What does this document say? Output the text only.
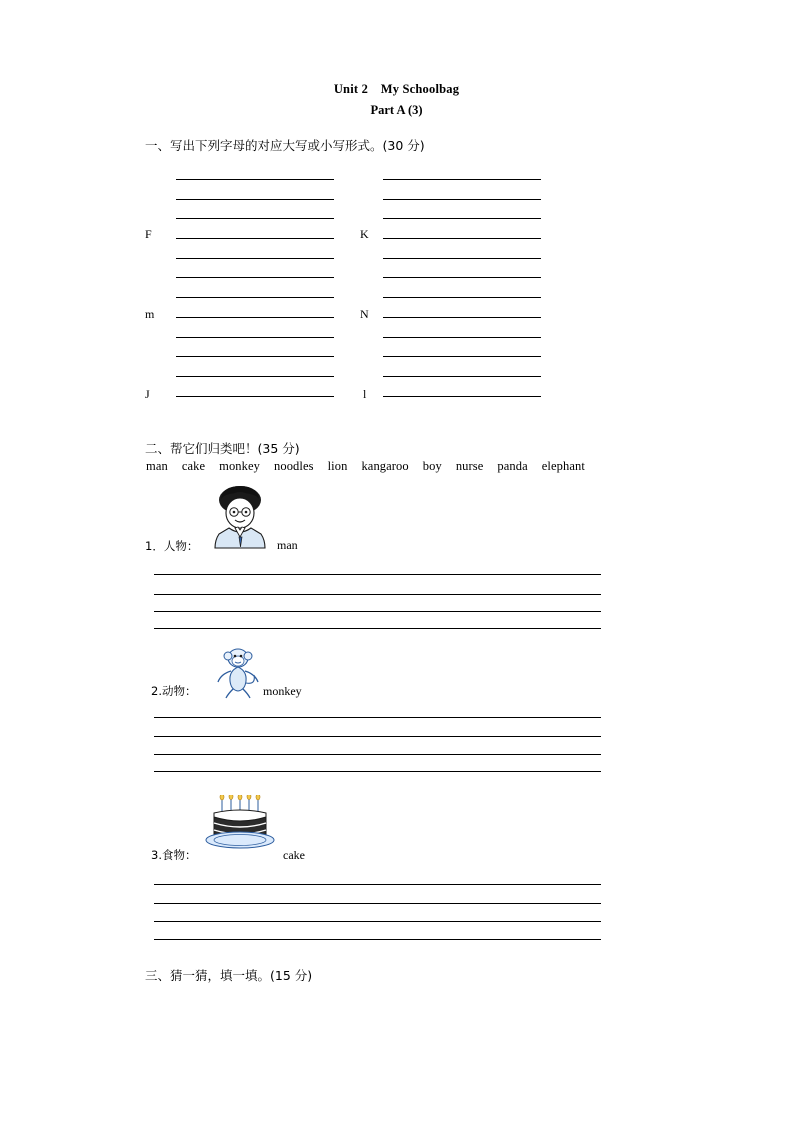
Unit 2 My Schoolbag
Part A (3)
一、写出下列字母的对应大写或小写形式。(30 分)
F
m
J
K
N
l
二、帮它们归类吧！(35 分)
man cake monkey noodles lion kangaroo boy nurse panda elephant
1．人物：	man
2.动物：	monkey
3.食物：	cake
三、猜一猜，填一填。(15 分)
